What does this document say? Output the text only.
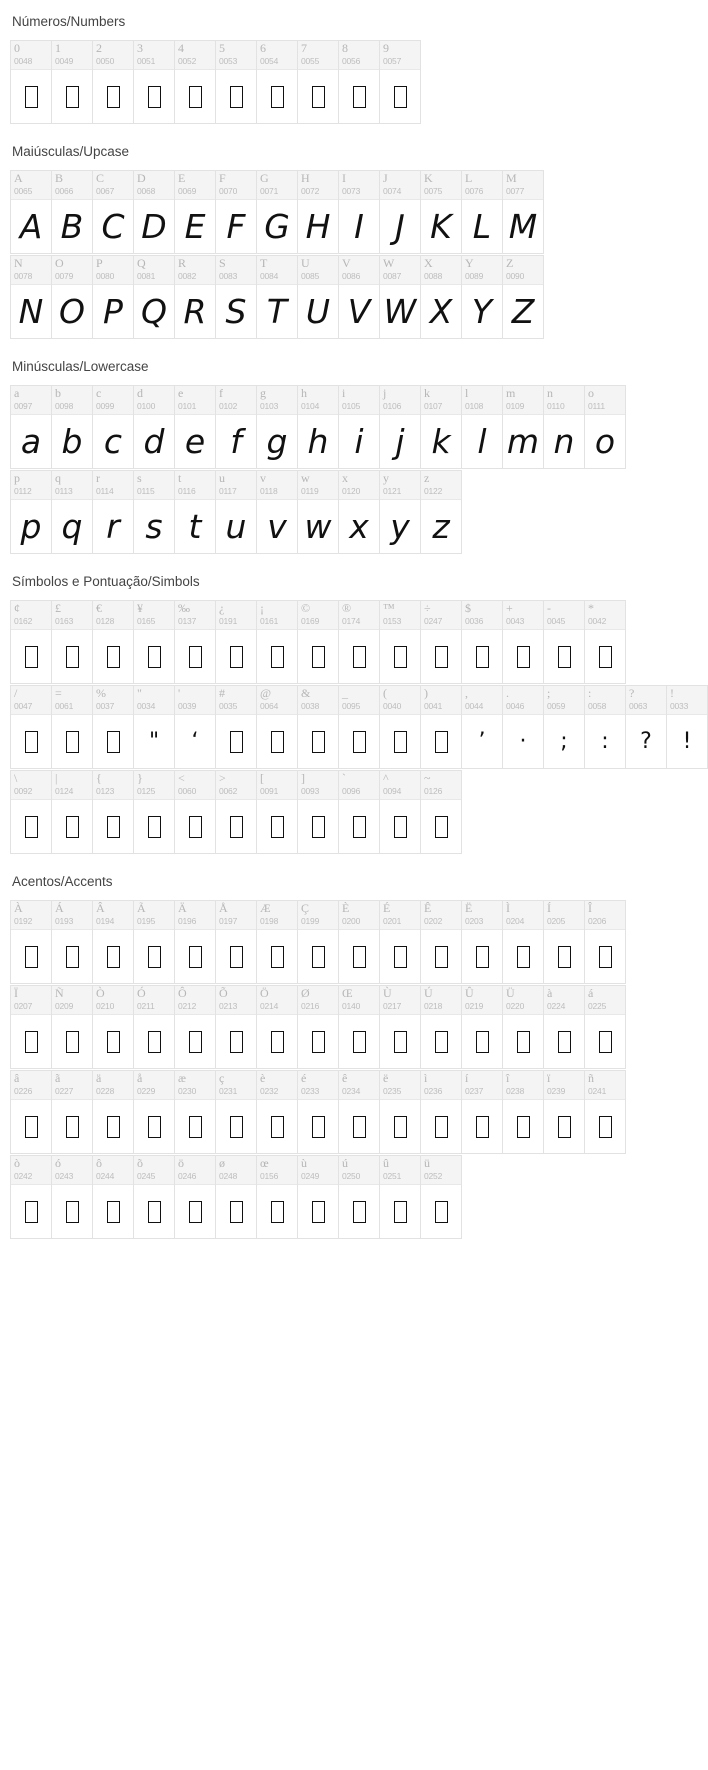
Números/Numbers
0
0048
1
0049
2
0050
3
0051
4
0052
5
0053
6
0054
7
0055
8
0056
9
0057
Maiúsculas/Upcase
A
0065
A
B
0066
B
C
0067
C
D
0068
D
E
0069
E
F
0070
F
G
0071
G
H
0072
H
I
0073
I
J
0074
J
K
0075
K
L
0076
L
M
0077
M
N
0078
N
O
0079
O
P
0080
P
Q
0081
Q
R
0082
R
S
0083
S
T
0084
T
U
0085
U
V
0086
V
W
0087
W
X
0088
X
Y
0089
Y
Z
0090
Z
Minúsculas/Lowercase
a
0097
a
b
0098
b
c
0099
c
d
0100
d
e
0101
e
f
0102
f
g
0103
g
h
0104
h
i
0105
i
j
0106
j
k
0107
k
l
0108
l
m
0109
m
n
0110
n
o
0111
o
p
0112
p
q
0113
q
r
0114
r
s
0115
s
t
0116
t
u
0117
u
v
0118
v
w
0119
w
x
0120
x
y
0121
y
z
0122
z
Símbolos e Pontuação/Simbols
¢
0162
£
0163
€
0128
¥
0165
‰
0137
¿
0191
¡
0161
©
0169
®
0174
™
0153
÷
0247
$
0036
+
0043
-
0045
*
0042
/
0047
=
0061
%
0037
"
0034
"
'
0039
‘
#
0035
@
0064
&
0038
_
0095
(
0040
)
0041
,
0044
’
.
0046
·
;
0059
;
:
0058
:
?
0063
?
!
0033
!
\
0092
|
0124
{
0123
}
0125
<
0060
>
0062
[
0091
]
0093
`
0096
^
0094
~
0126
Acentos/Accents
À
0192
Á
0193
Â
0194
Ã
0195
Ä
0196
Å
0197
Æ
0198
Ç
0199
È
0200
É
0201
Ê
0202
Ë
0203
Ì
0204
Í
0205
Î
0206
Ï
0207
Ñ
0209
Ò
0210
Ó
0211
Ô
0212
Õ
0213
Ö
0214
Ø
0216
Œ
0140
Ù
0217
Ú
0218
Û
0219
Ü
0220
à
0224
á
0225
â
0226
ã
0227
ä
0228
å
0229
æ
0230
ç
0231
è
0232
é
0233
ê
0234
ë
0235
ì
0236
í
0237
î
0238
ï
0239
ñ
0241
ò
0242
ó
0243
ô
0244
õ
0245
ö
0246
ø
0248
œ
0156
ù
0249
ú
0250
û
0251
ü
0252
